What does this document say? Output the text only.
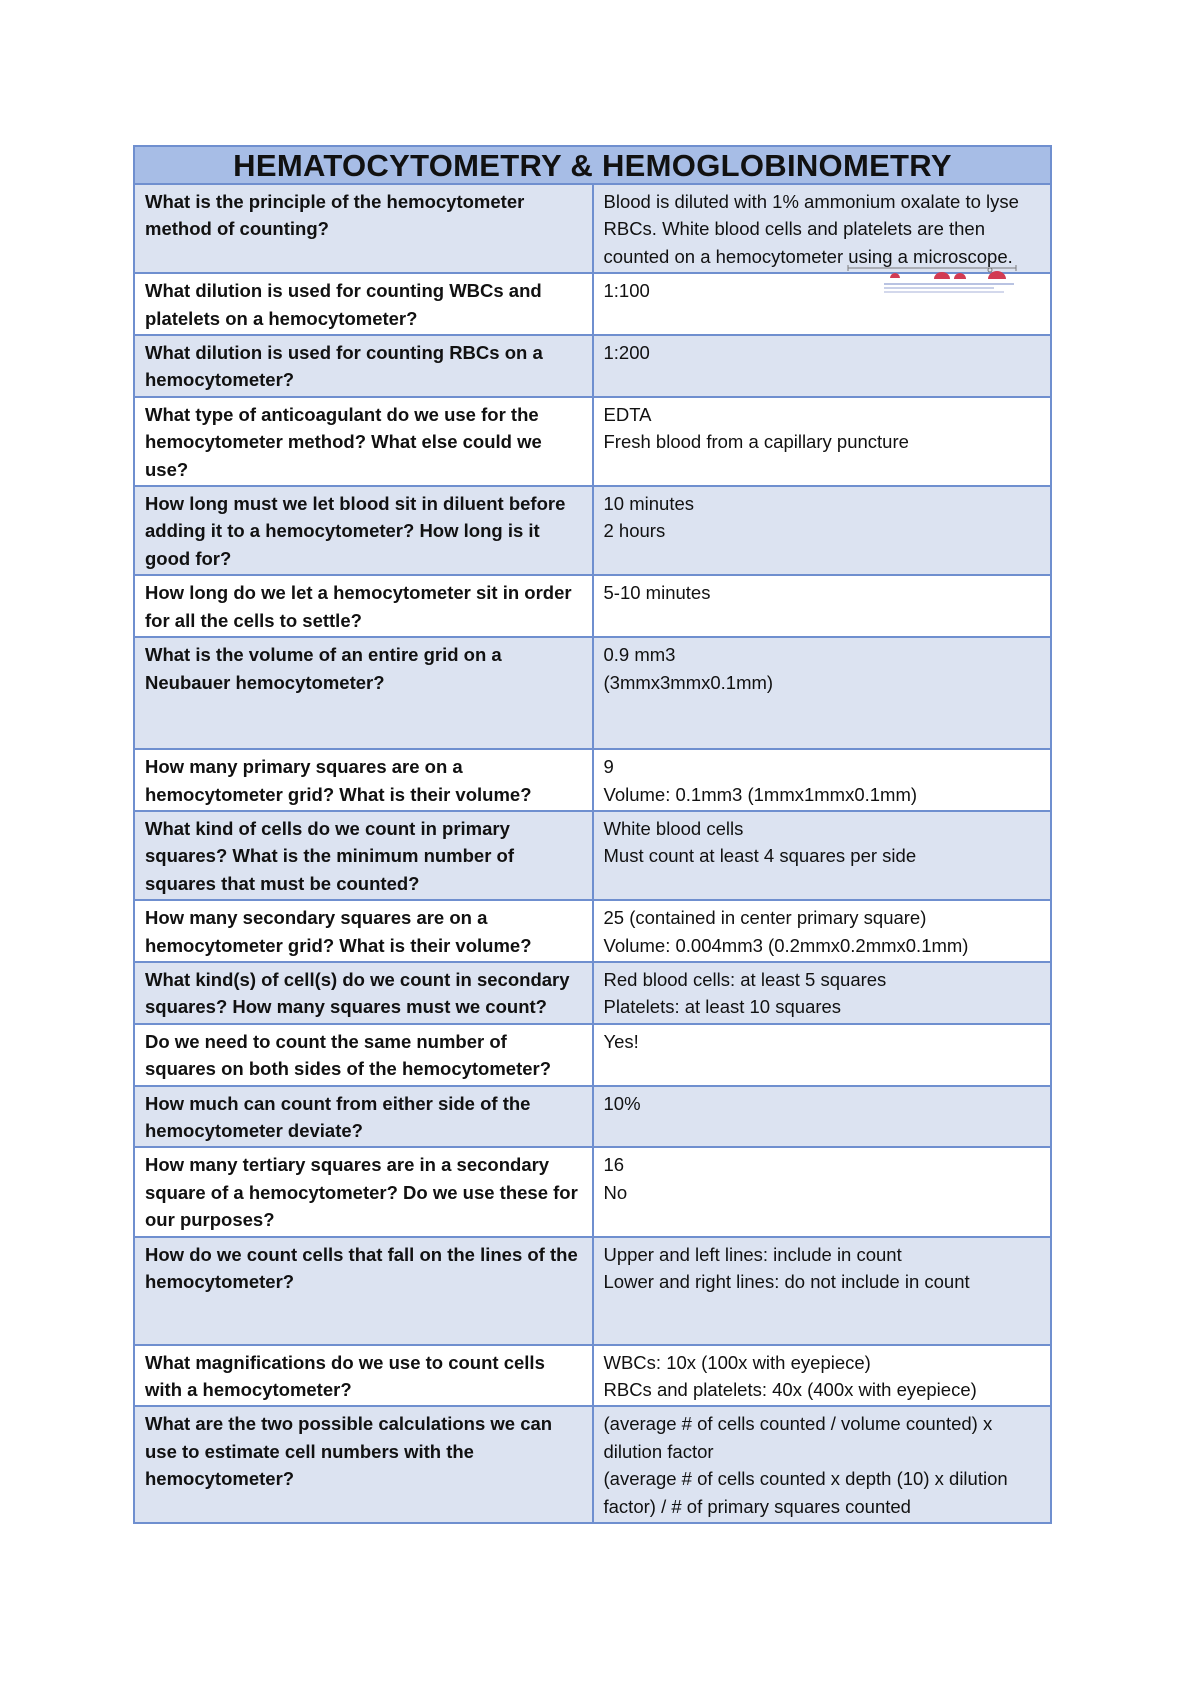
HEMATOCYTOMETRY & HEMOGLOBINOMETRY	
What is the principle of the hemocytometer method of counting?	Blood is diluted with 1% ammonium oxalate to lyse RBCs. White blood cells and platelets are then counted on a hemocytometer using a microscope.
What dilution is used for counting WBCs and platelets on a hemocytometer?	1:100
What dilution is used for counting RBCs on a hemocytometer?	1:200
What type of anticoagulant do we use for the hemocytometer method? What else could we use?	EDTA
Fresh blood from a capillary puncture
How long must we let blood sit in diluent before adding it to a hemocytometer? How long is it good for?	10 minutes
2 hours
How long do we let a hemocytometer sit in order for all the cells to settle?	5-10 minutes
What is the volume of an entire grid on a Neubauer hemocytometer?	0.9 mm3
(3mmx3mmx0.1mm)
How many primary squares are on a hemocytometer grid? What is their volume?	9
Volume: 0.1mm3 (1mmx1mmx0.1mm)
What kind of cells do we count in primary squares? What is the minimum number of squares that must be counted?	White blood cells
Must count at least 4 squares per side
How many secondary squares are on a hemocytometer grid? What is their volume?	25 (contained in center primary square)
Volume: 0.004mm3 (0.2mmx0.2mmx0.1mm)
What kind(s) of cell(s) do we count in secondary squares? How many squares must we count?	Red blood cells: at least 5 squares
Platelets: at least 10 squares
Do we need to count the same number of squares on both sides of the hemocytometer?	Yes!
How much can count from either side of the hemocytometer deviate?	10%
How many tertiary squares are in a secondary square of a hemocytometer? Do we use these for our purposes?	16
No
How do we count cells that fall on the lines of the hemocytometer?	Upper and left lines: include in count
Lower and right lines: do not include in count
What magnifications do we use to count cells with a hemocytometer?	WBCs: 10x (100x with eyepiece)
RBCs and platelets: 40x (400x with eyepiece)
What are the two possible calculations we can use to estimate cell numbers with the hemocytometer?	(average # of cells counted / volume counted) x dilution factor
(average # of cells counted x depth (10) x dilution factor) / # of primary squares counted
